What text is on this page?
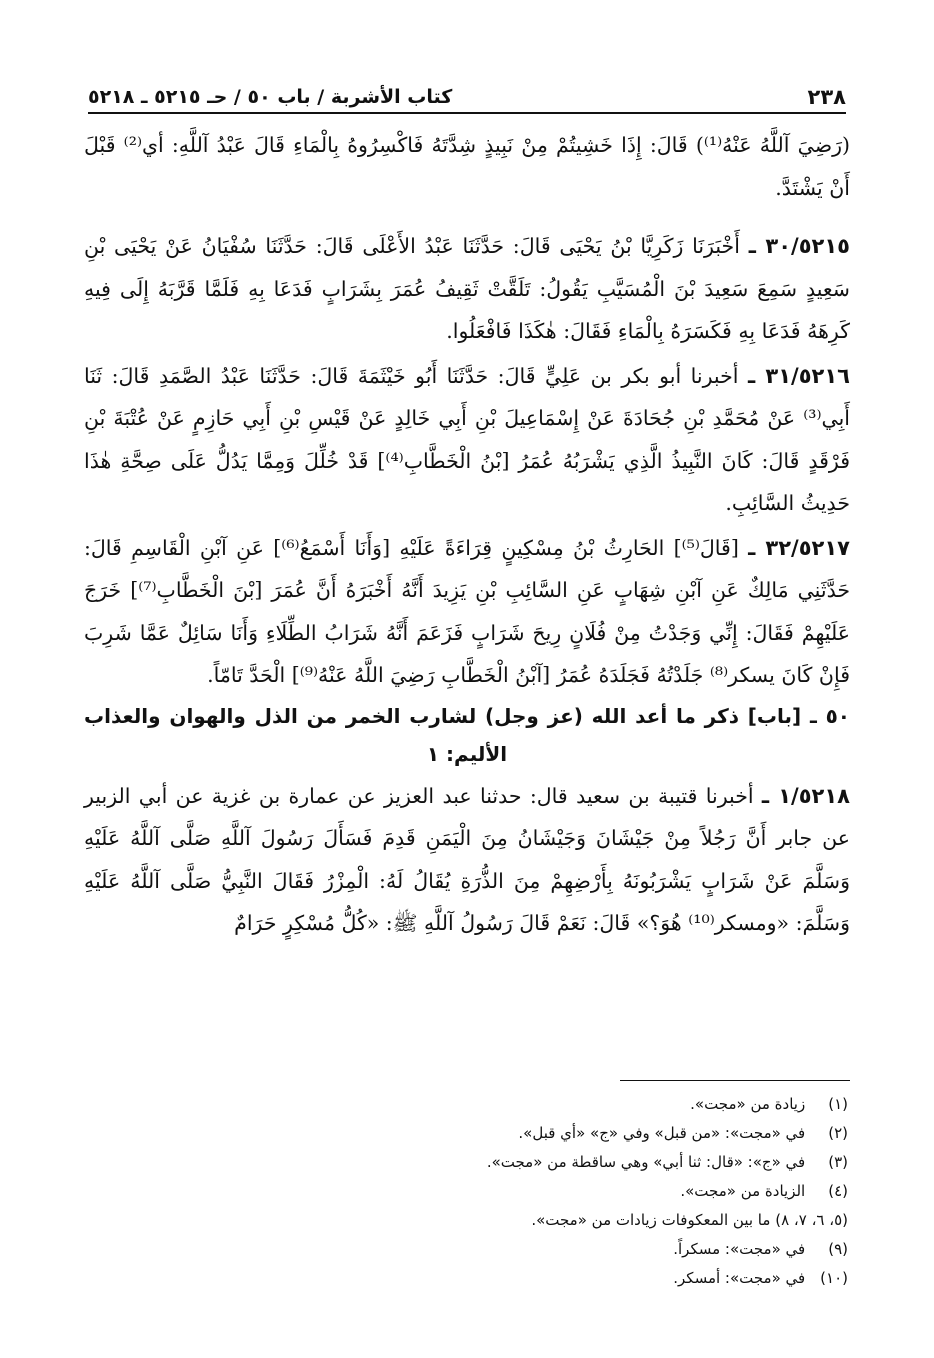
٢٣٨
كتاب الأشربة / باب ٥٠ / حـ ٥٢١٥ ـ ٥٢١٨

(رَضِيَ آللَّهُ عَنْهُ⁽¹⁾) قَالَ: إِذَا خَشِيتُمْ مِنْ نَبِيذٍ شِدَّتَهُ فَاكْسِرُوهُ بِالْمَاءِ قَالَ عَبْدُ آللَّهِ: أي⁽²⁾ قَبْلَ أَنْ يَشْتَدَّ.

٣٠/٥٢١٥ ـ أَخْبَرَنَا زَكَرِيَّا بْنُ يَحْيَى قَالَ: حَدَّثَنَا عَبْدُ الأَعْلَى قَالَ: حَدَّثَنَا سُفْيَانُ عَنْ يَحْيَى بْنِ سَعِيدٍ سَمِعَ سَعِيدَ بْنَ الْمُسَيَّبِ يَقُولُ: تَلَقَّتْ ثَقِيفُ عُمَرَ بِشَرَابٍ فَدَعَا بِهِ فَلَمَّا قَرَّبَهُ إِلَى فِيهِ كَرِهَهُ فَدَعَا بِهِ فَكَسَرَهُ بِالْمَاءِ فَقَالَ: هٰكَذَا فَافْعَلُوا.

٣١/٥٢١٦ ـ أخبرنا أبو بكر بن عَلِيٍّ قَالَ: حَدَّثَنَا أَبُو خَيْثَمَةَ قَالَ: حَدَّثَنَا عَبْدُ الصَّمَدِ قَالَ: ثَنَا أَبِي⁽³⁾ عَنْ مُحَمَّدِ بْنِ جُحَادَةَ عَنْ إِسْمَاعِيلَ بْنِ أَبِي خَالِدٍ عَنْ قَيْسِ بْنِ أَبِي حَازِمٍ عَنْ عُتْبَةَ بْنِ فَرْقَدٍ قَالَ: كَانَ النَّبِيذُ الَّذِي يَشْرَبُهُ عُمَرُ [بْنُ الْخَطَّابِ⁽⁴⁾] قَدْ خُلِّلَ وَمِمَّا يَدُلُّ عَلَى صِحَّةِ هٰذَا حَدِيثُ السَّائِبِ.

٣٢/٥٢١٧ ـ [قَالَ⁽⁵⁾] الحَارِثُ بْنُ مِسْكِينٍ قِرَاءَةً عَلَيْهِ [وَأَنَا أَسْمَعُ⁽⁶⁾] عَنِ آبْنِ الْقَاسِمِ قَالَ: حَدَّثَنِي مَالِكٌ عَنِ آبْنِ شِهَابٍ عَنِ السَّائِبِ بْنِ يَزِيدَ أَنَّهُ أَخْبَرَهُ أَنَّ عُمَرَ [بْنَ الْخَطَّابِ⁽⁷⁾] خَرَجَ عَلَيْهِمْ فَقَالَ: إِنِّي وَجَدْتُ مِنْ فُلَانٍ رِيحَ شَرَابٍ فَزَعَمَ أَنَّهُ شَرَابُ الطِّلَاءِ وَأَنَا سَائِلٌ عَمَّا شَرِبَ فَإِنْ كَانَ يسكر⁽⁸⁾ جَلَدْتُهُ فَجَلَدَهُ عُمَرُ [آبْنُ الْخَطَّابِ رَضِيَ اللَّهُ عَنْهُ⁽⁹⁾] الْحَدَّ تَامّاً.

٥٠ ـ [باب] ذكر ما أعد الله (عز وجل) لشارب الخمر من الذل والهوان والعذاب الأليم: ١

١/٥٢١٨ ـ أخبرنا قتيبة بن سعيد قال: حدثنا عبد العزيز عن عمارة بن غزية عن أبي الزبير عن جابر أَنَّ رَجُلاً مِنْ جَيْشَانَ وَجَيْشَانُ مِنَ الْيَمَنِ قَدِمَ فَسَأَلَ رَسُولَ آللَّهِ صَلَّى آللَّهُ عَلَيْهِ وَسَلَّمَ عَنْ شَرَابٍ يَشْرَبُونَهُ بِأَرْضِهِمْ مِنَ الذُّرَةِ يُقَالُ لَهُ: الْمِزْرُ فَقَالَ النَّبِيُّ صَلَّى آللَّهُ عَلَيْهِ وَسَلَّمَ: «ومسكر⁽¹⁰⁾ هُوَ؟» قَالَ: نَعَمْ قَالَ رَسُولُ آللَّهِ ﷺ: «كُلُّ مُسْكِرٍ حَرَامٌ

(١) زيادة من «مجت».

(٢) في «مجت»: «من قبل» وفي «ج» «أي قبل».

(٣) في «ج»: «قال: ثنا أبي» وهي ساقطة من «مجت».

(٤) الزيادة من «مجت».

(٥، ٦، ٧، ٨) ما بين المعكوفات زيادات من «مجت».

(٩) في «مجت»: مسكراً.

(١٠) في «مجت»: أمسكر.
